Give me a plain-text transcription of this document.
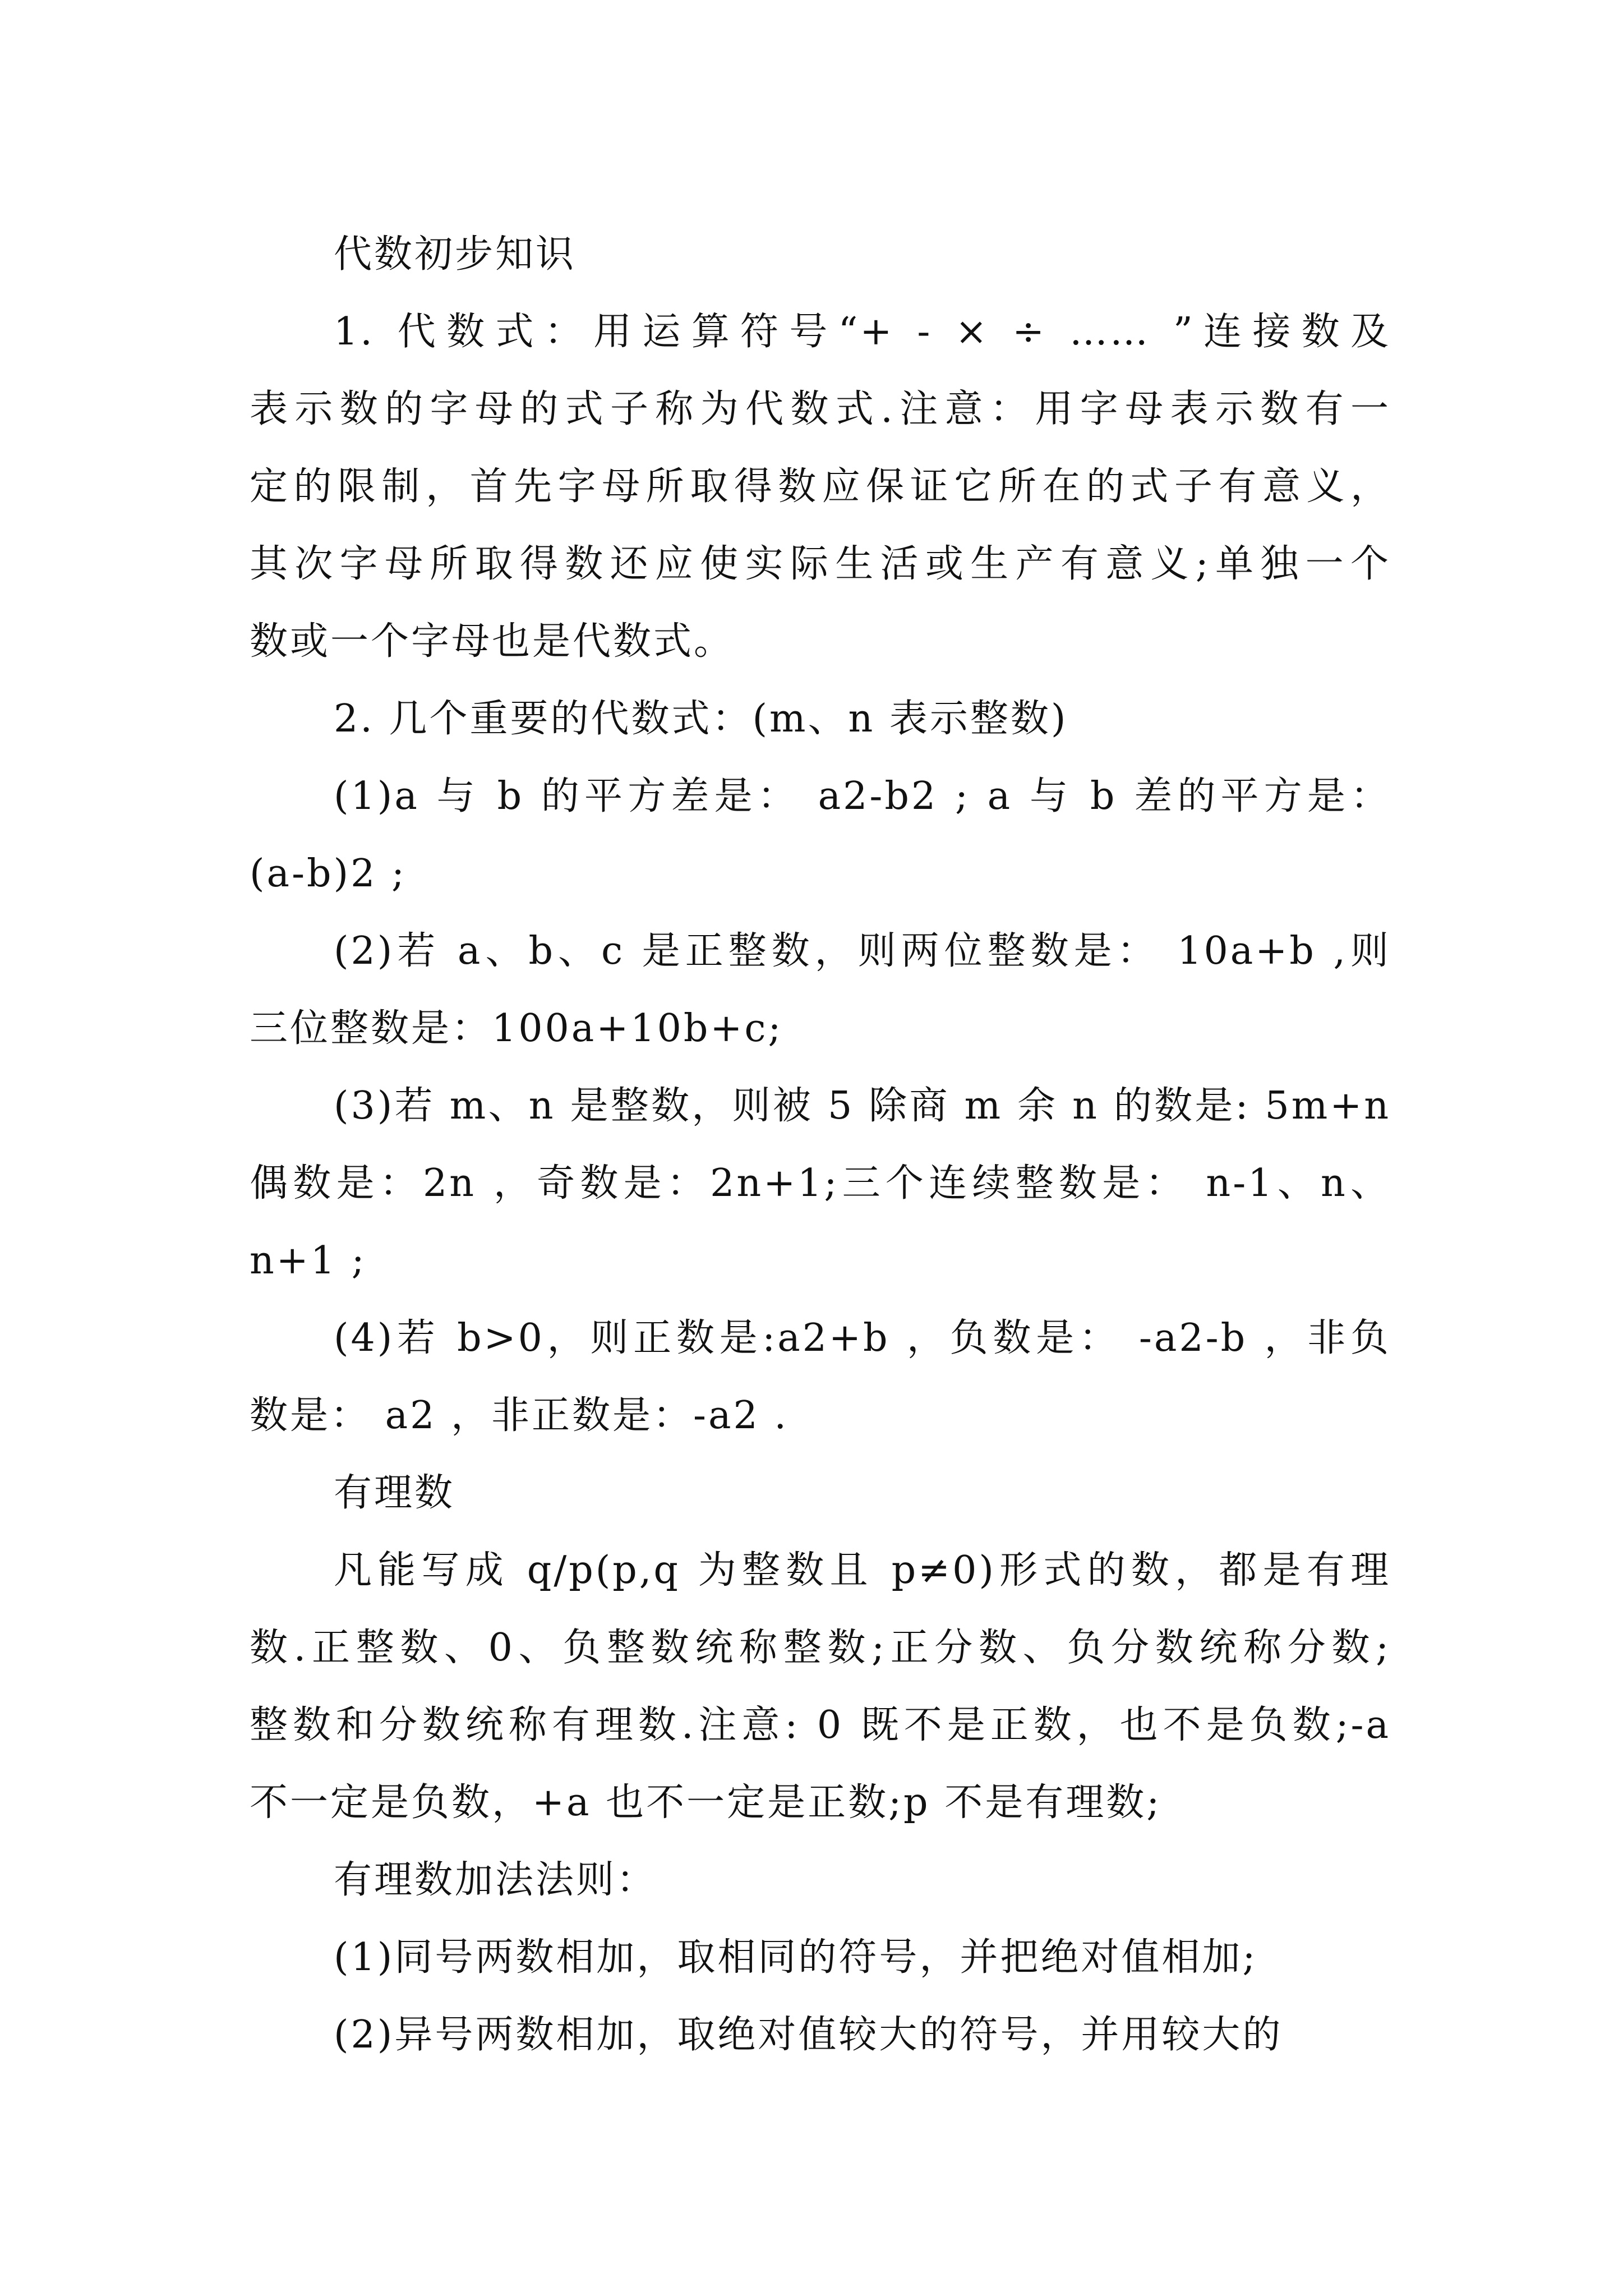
代数初步知识
1. 代数式：用运算符号“+ - × ÷ …… ”连接数及
表示数的字母的式子称为代数式.注意：用字母表示数有一
定的限制，首先字母所取得数应保证它所在的式子有意义，
其次字母所取得数还应使实际生活或生产有意义;单独一个
数或一个字母也是代数式。
2. 几个重要的代数式：(m、n 表示整数)
(1)a 与 b 的平方差是： a2-b2 ; a 与 b 差的平方是：
(a-b)2 ;
(2)若 a、b、c 是正整数，则两位整数是： 10a+b ,则
三位整数是：100a+10b+c;
(3)若 m、n 是整数，则被 5 除商 m 余 n 的数是: 5m+n
偶数是：2n ，奇数是：2n+1;三个连续整数是： n-1、n、
n+1 ;
(4)若 b>0，则正数是:a2+b ，负数是： -a2-b ，非负
数是： a2 ，非正数是：-a2 .
有理数
凡能写成 q/p(p,q 为整数且 p≠0)形式的数，都是有理
数.正整数、0、负整数统称整数;正分数、负分数统称分数;
整数和分数统称有理数.注意: 0 既不是正数，也不是负数;-a
不一定是负数，+a 也不一定是正数;p 不是有理数;
有理数加法法则：
(1)同号两数相加，取相同的符号，并把绝对值相加;
(2)异号两数相加，取绝对值较大的符号，并用较大的
